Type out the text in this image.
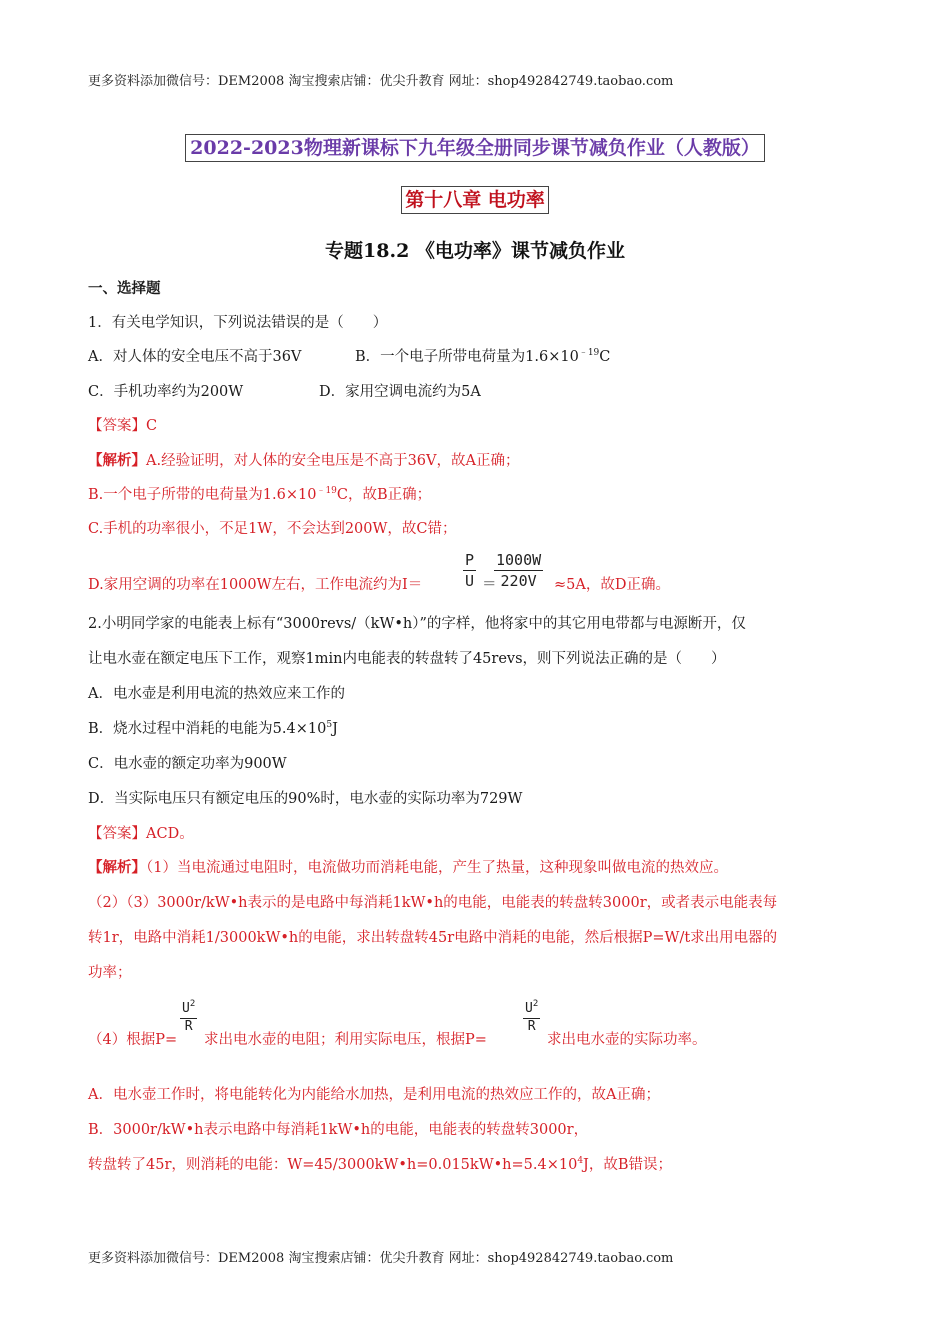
更多资料添加微信号：DEM2008 淘宝搜索店铺：优尖升教育 网址：shop492842749.taobao.com
2022-2023物理新课标下九年级全册同步课节减负作业（人教版）
第十八章 电功率
专题18.2 《电功率》课节减负作业
一、选择题
1．有关电学知识，下列说法错误的是（　　）
A．对人体的安全电压不高于36V	B．一个电子所带电荷量为$1.6\times 10^{﹣19}C$
C．手机功率约为200W	D．家用空调电流约为5A
【答案】C
【解析】A.经验证明，对人体的安全电压是不高于36V，故A正确；
B.一个电子所带的电荷量为$1.6\times 10^{﹣19}C$，故B正确；
C.手机的功率很小，不足1W，不会达到200W，故C错；
D.家用空调的功率在1000W左右，工作电流约为I＝	$\frac{P}{U}$ ＝
$\frac{1000W}{220V} \approx 5A$，故D正确。
2.小明同学家的电能表上标有“3000revs/（kW•h）”的字样，他将家中的其它用电带都与电源断开，仅
让电水壶在额定电压下工作，观察1min内电能表的转盘转了45revs，则下列说法正确的是（　　）
A．电水壶是利用电流的热效应来工作的
B．烧水过程中消耗的电能为$5.4\times 10^5J$
C．电水壶的额定功率为900W
D．当实际电压只有额定电压的90%时，电水壶的实际功率为729W
【答案】ACD。
【解析】（1）当电流通过电阻时，电流做功而消耗电能，产生了热量，这种现象叫做电流的热效应。
（2）（3）3000r/kW•h表示的是电路中每消耗1kW•h的电能，电能表的转盘转3000r，或者表示电能表每
转1r，电路中消耗1/3000kW•h的电能，求出转盘转45r电路中消耗的电能，然后根据P=W/t求出用电器的
功率；
（4）根据P=
$\frac{U^2}{R}$
求出电水壶的电阻；利用实际电压，根据P=
$\frac{U^2}{R}$
求出电水壶的实际功率。
A．电水壶工作时，将电能转化为内能给水加热，是利用电流的热效应工作的，故A正确；
B．3000r/kW•h表示电路中每消耗1kW•h的电能，电能表的转盘转3000r，
转盘转了45r，则消耗的电能：$W=45/3000kW•h=0.015kW•h=5.4\times 10^4J$，故B错误；
更多资料添加微信号：DEM2008 淘宝搜索店铺：优尖升教育 网址：shop492842749.taobao.com
